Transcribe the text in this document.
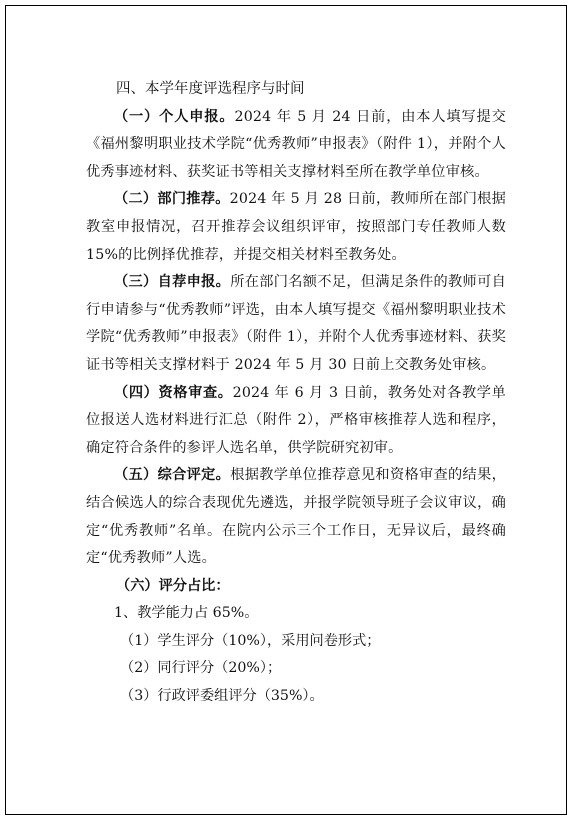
四、本学年度评选程序与时间

（一）个人申报。2024 年 5 月 24 日前，由本人填写提交《福州黎明职业技术学院“优秀教师”申报表》（附件 1），并附个人优秀事迹材料、获奖证书等相关支撑材料至所在教学单位审核。

（二）部门推荐。2024 年 5 月 28 日前，教师所在部门根据教室申报情况，召开推荐会议组织评审，按照部门专任教师人数 15%的比例择优推荐，并提交相关材料至教务处。

（三）自荐申报。所在部门名额不足，但满足条件的教师可自行申请参与“优秀教师”评选，由本人填写提交《福州黎明职业技术学院“优秀教师”申报表》（附件 1），并附个人优秀事迹材料、获奖证书等相关支撑材料于 2024 年 5 月 30 日前上交教务处审核。

（四）资格审查。2024 年 6 月 3 日前，教务处对各教学单位报送人选材料进行汇总（附件 2），严格审核推荐人选和程序，确定符合条件的参评人选名单，供学院研究初审。

（五）综合评定。根据教学单位推荐意见和资格审查的结果，结合候选人的综合表现优先遴选，并报学院领导班子会议审议，确定“优秀教师”名单。在院内公示三个工作日，无异议后，最终确定“优秀教师”人选。

（六）评分占比：

1、教学能力占 65%。

（1）学生评分（10%），采用问卷形式；

（2）同行评分（20%）；

（3）行政评委组评分（35%）。
